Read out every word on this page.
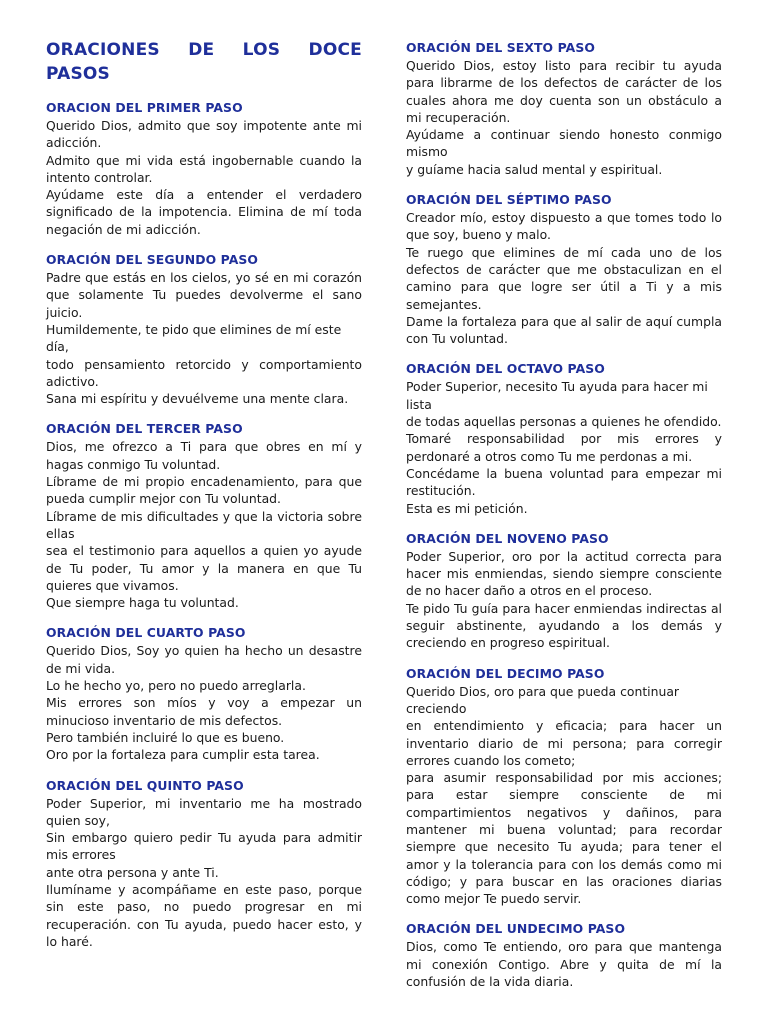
ORACIONES DE LOS DOCE PASOS
ORACION DEL PRIMER PASO

Querido Dios, admito que soy impotente ante mi adicción.

Admito que mi vida está ingobernable cuando la intento controlar.

Ayúdame este día a entender el verdadero significado de la impotencia. Elimina de mí toda negación de mi adicción.

ORACIÓN DEL SEGUNDO PASO

Padre que estás en los cielos, yo sé en mi corazón que solamente Tu puedes devolverme el sano juicio.

Humildemente, te pido que elimines de mí este día,

todo pensamiento retorcido y comportamiento adictivo.

Sana mi espíritu y devuélveme una mente clara.

ORACIÓN DEL TERCER PASO

Dios, me ofrezco a Ti para que obres en mí y hagas conmigo Tu voluntad.

Líbrame de mi propio encadenamiento, para que pueda cumplir mejor con Tu voluntad.

Líbrame de mis dificultades y que la victoria sobre ellas

sea el testimonio para aquellos a quien yo ayude de Tu poder, Tu amor y la manera en que Tu quieres que vivamos.

Que siempre haga tu voluntad.

ORACIÓN DEL CUARTO PASO

Querido Dios, Soy yo quien ha hecho un desastre de mi vida.

Lo he hecho yo, pero no puedo arreglarla.

Mis errores son míos y voy a empezar un minucioso inventario de mis defectos.

Pero también incluiré lo que es bueno.

Oro por la fortaleza para cumplir esta tarea.

ORACIÓN DEL QUINTO PASO

Poder Superior, mi inventario me ha mostrado quien soy,

Sin embargo quiero pedir Tu ayuda para admitir mis errores

ante otra persona y ante Ti.

Ilumíname y acompáñame en este paso, porque sin este paso, no puedo progresar en mi recuperación. con Tu ayuda, puedo hacer esto, y lo haré.

ORACIÓN DEL SEXTO PASO

Querido Dios, estoy listo para recibir tu ayuda para librarme de los defectos de carácter de los cuales ahora me doy cuenta son un obstáculo a mi recuperación.

Ayúdame a continuar siendo honesto conmigo mismo

y guíame hacia salud mental y espiritual.

ORACIÓN DEL SÉPTIMO PASO

Creador mío, estoy dispuesto a que tomes todo lo que soy, bueno y malo.

Te ruego que elimines de mí cada uno de los defectos de carácter que me obstaculizan en el camino para que logre ser útil a Ti y a mis semejantes.

Dame la fortaleza para que al salir de aquí cumpla con Tu voluntad.

ORACIÓN DEL OCTAVO PASO

Poder Superior, necesito Tu ayuda para hacer mi lista

de todas aquellas personas a quienes he ofendido.

Tomaré responsabilidad por mis errores y perdonaré a otros como Tu me perdonas a mi.

Concédame la buena voluntad para empezar mi restitución.

Esta es mi petición.

ORACIÓN DEL NOVENO PASO

Poder Superior, oro por la actitud correcta para hacer mis enmiendas, siendo siempre consciente de no hacer daño a otros en el proceso.

Te pido Tu guía para hacer enmiendas indirectas al seguir abstinente, ayudando a los demás y creciendo en progreso espiritual.

ORACIÓN DEL DECIMO PASO

Querido Dios, oro para que pueda continuar creciendo

en entendimiento y eficacia; para hacer un inventario diario de mi persona; para corregir errores cuando los cometo;

para asumir responsabilidad por mis acciones; para estar siempre consciente de mi compartimientos negativos y dañinos, para mantener mi buena voluntad; para recordar siempre que necesito Tu ayuda; para tener el amor y la tolerancia para con los demás como mi código; y para buscar en las oraciones diarias como mejor Te puedo servir.

ORACIÓN DEL UNDECIMO PASO

Dios, como Te entiendo, oro para que mantenga mi conexión Contigo. Abre y quita de mí la confusión de la vida diaria.
